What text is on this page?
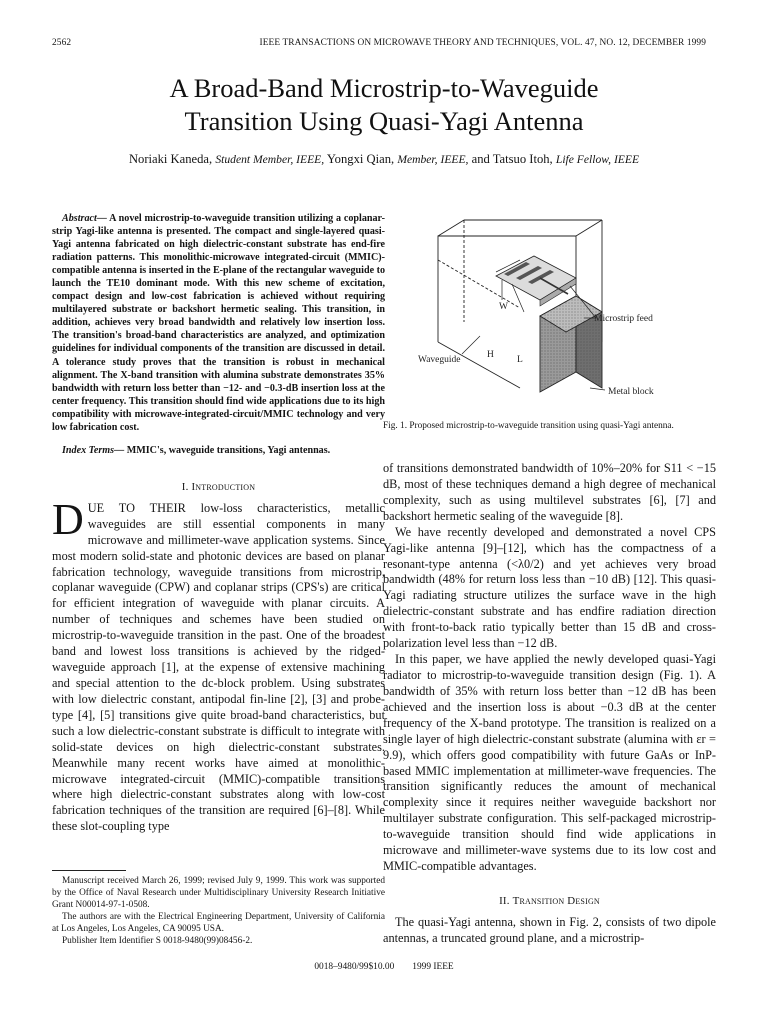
2562	IEEE TRANSACTIONS ON MICROWAVE THEORY AND TECHNIQUES, VOL. 47, NO. 12, DECEMBER 1999
A Broad-Band Microstrip-to-Waveguide
Transition Using Quasi-Yagi Antenna

Noriaki Kaneda, Student Member, IEEE, Yongxi Qian, Member, IEEE, and Tatsuo Itoh, Life Fellow, IEEE

Abstract— A novel microstrip-to-waveguide transition utilizing a coplanar-strip Yagi-like antenna is presented. The compact and single-layered quasi-Yagi antenna fabricated on high dielectric-constant substrate has end-fire radiation patterns. This monolithic-microwave integrated-circuit (MMIC)-compatible antenna is inserted in the E-plane of the rectangular waveguide to launch the TE10 dominant mode. With this new scheme of excitation, compact design and low-cost fabrication is achieved without requiring multilayered substrate or backshort hermetic sealing. This transition, in addition, achieves very broad bandwidth and relatively low insertion loss. The transition's broad-band characteristics are analyzed, and optimization guidelines for individual components of the transition are discussed in detail. A tolerance study proves that the transition is robust in mechanical alignment. The X-band transition with alumina substrate demonstrates 35% bandwidth with return loss better than −12- and −0.3-dB insertion loss at the center frequency. This transition should find wide applications due to its high compatibility with microwave-integrated-circuit/MMIC technology and very low fabrication cost.

Index Terms— MMIC's, waveguide transitions, Yagi antennas.

I. Introduction

D UE TO THEIR low-loss characteristics, metallic waveguides are still essential components in many microwave and millimeter-wave application systems. Since most modern solid-state and photonic devices are based on planar fabrication technology, waveguide transitions from microstrip, coplanar waveguide (CPW) and coplanar strips (CPS's) are critical for efficient integration of waveguide with planar circuits. A number of techniques and schemes have been studied on microstrip-to-waveguide transition in the past. One of the broadest band and lowest loss transitions is achieved by the ridged-waveguide approach [1], at the expense of extensive machining and special attention to the dc-block problem. Using substrates with low dielectric constant, antipodal fin-line [2], [3] and probe-type [4], [5] transitions give quite broad-band characteristics, but such a low dielectric-constant substrate is difficult to integrate with solid-state devices on high dielectric-constant substrates. Meanwhile many recent works have aimed at monolithic-microwave integrated-circuit (MMIC)-compatible transitions where high dielectric-constant substrates along with low-cost fabrication techniques of the transition are required [6]–[8]. While these slot-coupling type

Manuscript received March 26, 1999; revised July 9, 1999. This work was supported by the Office of Naval Research under Multidisciplinary University Research Initiative Grant N00014-97-1-0508.

The authors are with the Electrical Engineering Department, University of California at Los Angeles, Los Angeles, CA 90095 USA.

Publisher Item Identifier S 0018-9480(99)08456-2.

W
H L
Waveguide
Microstrip feed
Metal block

Fig. 1. Proposed microstrip-to-waveguide transition using quasi-Yagi antenna.

of transitions demonstrated bandwidth of 10%–20% for S11 < −15 dB, most of these techniques demand a high degree of mechanical complexity, such as using multilevel substrates [6], [7] and backshort hermetic sealing of the waveguide [8].

We have recently developed and demonstrated a novel CPS Yagi-like antenna [9]–[12], which has the compactness of a resonant-type antenna (<λ0/2) and yet achieves very broad bandwidth (48% for return loss less than −10 dB) [12]. This quasi-Yagi radiating structure utilizes the surface wave in the high dielectric-constant substrate and has endfire radiation direction with front-to-back ratio typically better than 15 dB and cross-polarization level less than −12 dB.

In this paper, we have applied the newly developed quasi-Yagi radiator to microstrip-to-waveguide transition design (Fig. 1). A bandwidth of 35% with return loss better than −12 dB has been achieved and the insertion loss is about −0.3 dB at the center frequency of the X-band prototype. The transition is realized on a single layer of high dielectric-constant substrate (alumina with εr = 9.9), which offers good compatibility with future GaAs or InP-based MMIC implementation at millimeter-wave frequencies. The transition significantly reduces the amount of mechanical complexity since it requires neither waveguide backshort nor multilayer substrate configuration. This self-packaged microstrip-to-waveguide transition should find wide applications in microwave and millimeter-wave systems due to its low cost and MMIC-compatible advantages.

II. Transition Design

The quasi-Yagi antenna, shown in Fig. 2, consists of two dipole antennas, a truncated ground plane, and a microstrip-

0018–9480/99$10.00 1999 IEEE
